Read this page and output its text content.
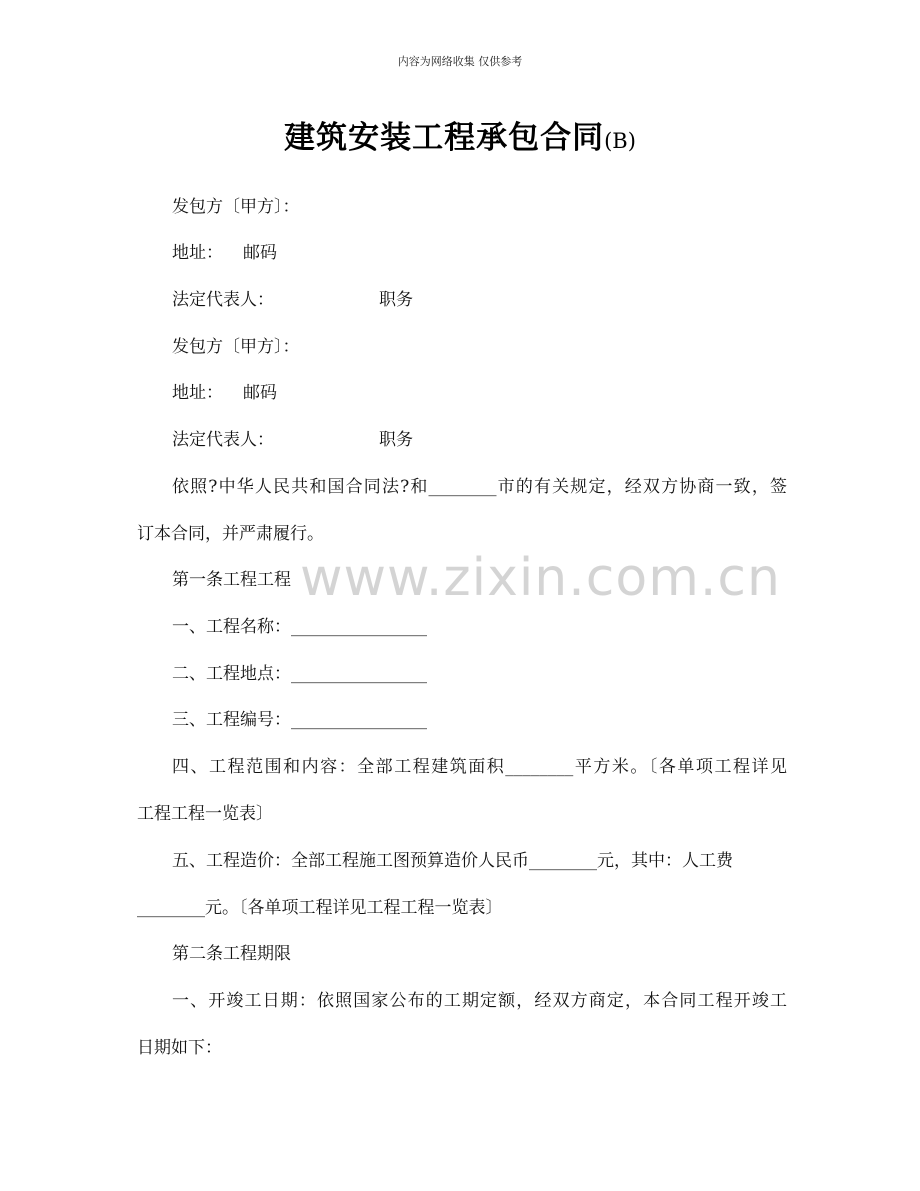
内容为网络收集 仅供参考
建筑安装工程承包合同(B)
www.zixin.com.cn
发包方〔甲方〕：
地址： 邮码
法定代表人：	职务
发包方〔甲方〕：
地址： 邮码
法定代表人：	职务
依照?中华人民共和国合同法?和________市的有关规定，经双方协商一致，签
订本合同，并严肃履行。
第一条工程工程
一、工程名称：________________
二、工程地点：________________
三、工程编号：________________
四、工程范围和内容：全部工程建筑面积________平方米。〔各单项工程详见
工程工程一览表〕
五、工程造价：全部工程施工图预算造价人民币________元，其中：人工费
________元。〔各单项工程详见工程工程一览表〕
第二条工程期限
一、开竣工日期：依照国家公布的工期定额，经双方商定，本合同工程开竣工
日期如下：
